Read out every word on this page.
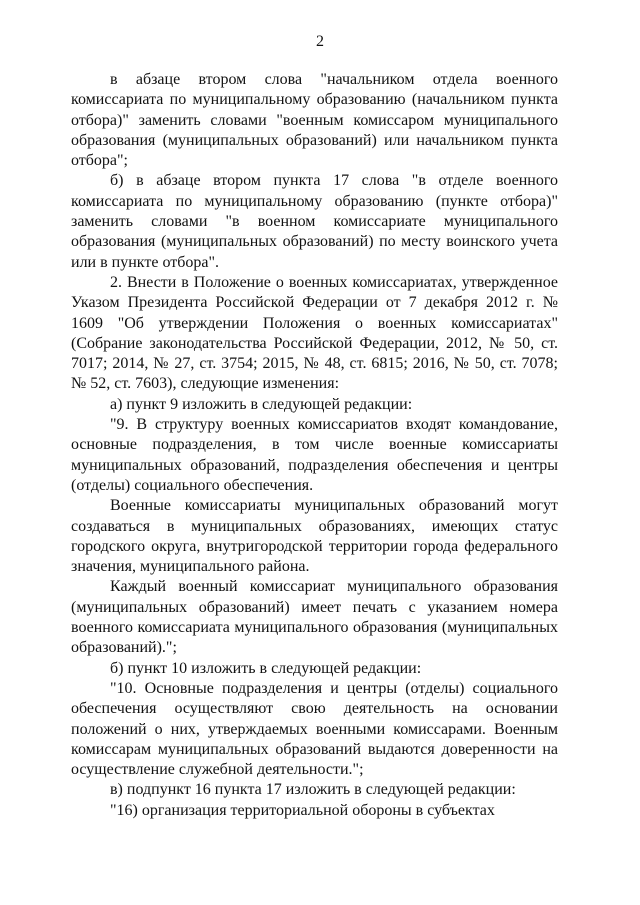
2

в абзаце втором слова "начальником отдела военного комиссариата по муниципальному образованию (начальником пункта отбора)" заменить словами "военным комиссаром муниципального образования (муниципальных образований) или начальником пункта отбора";

б) в абзаце втором пункта 17 слова "в отделе военного комиссариата по муниципальному образованию (пункте отбора)" заменить словами "в военном комиссариате муниципального образования (муниципальных образований) по месту воинского учета или в пункте отбора".

2. Внести в Положение о военных комиссариатах, утвержденное Указом Президента Российской Федерации от 7 декабря 2012 г. № 1609 "Об утверждении Положения о военных комиссариатах" (Собрание законодательства Российской Федерации, 2012, № 50, ст. 7017; 2014, № 27, ст. 3754; 2015, № 48, ст. 6815; 2016, № 50, ст. 7078; № 52, ст. 7603), следующие изменения:

а) пункт 9 изложить в следующей редакции:

"9. В структуру военных комиссариатов входят командование, основные подразделения, в том числе военные комиссариаты муниципальных образований, подразделения обеспечения и центры (отделы) социального обеспечения.

Военные комиссариаты муниципальных образований могут создаваться в муниципальных образованиях, имеющих статус городского округа, внутригородской территории города федерального значения, муниципального района.

Каждый военный комиссариат муниципального образования (муниципальных образований) имеет печать с указанием номера военного комиссариата муниципального образования (муниципальных образований).";

б) пункт 10 изложить в следующей редакции:

"10. Основные подразделения и центры (отделы) социального обеспечения осуществляют свою деятельность на основании положений о них, утверждаемых военными комиссарами. Военным комиссарам муниципальных образований выдаются доверенности на осуществление служебной деятельности.";

в) подпункт 16 пункта 17 изложить в следующей редакции:

"16) организация территориальной обороны в субъектах
